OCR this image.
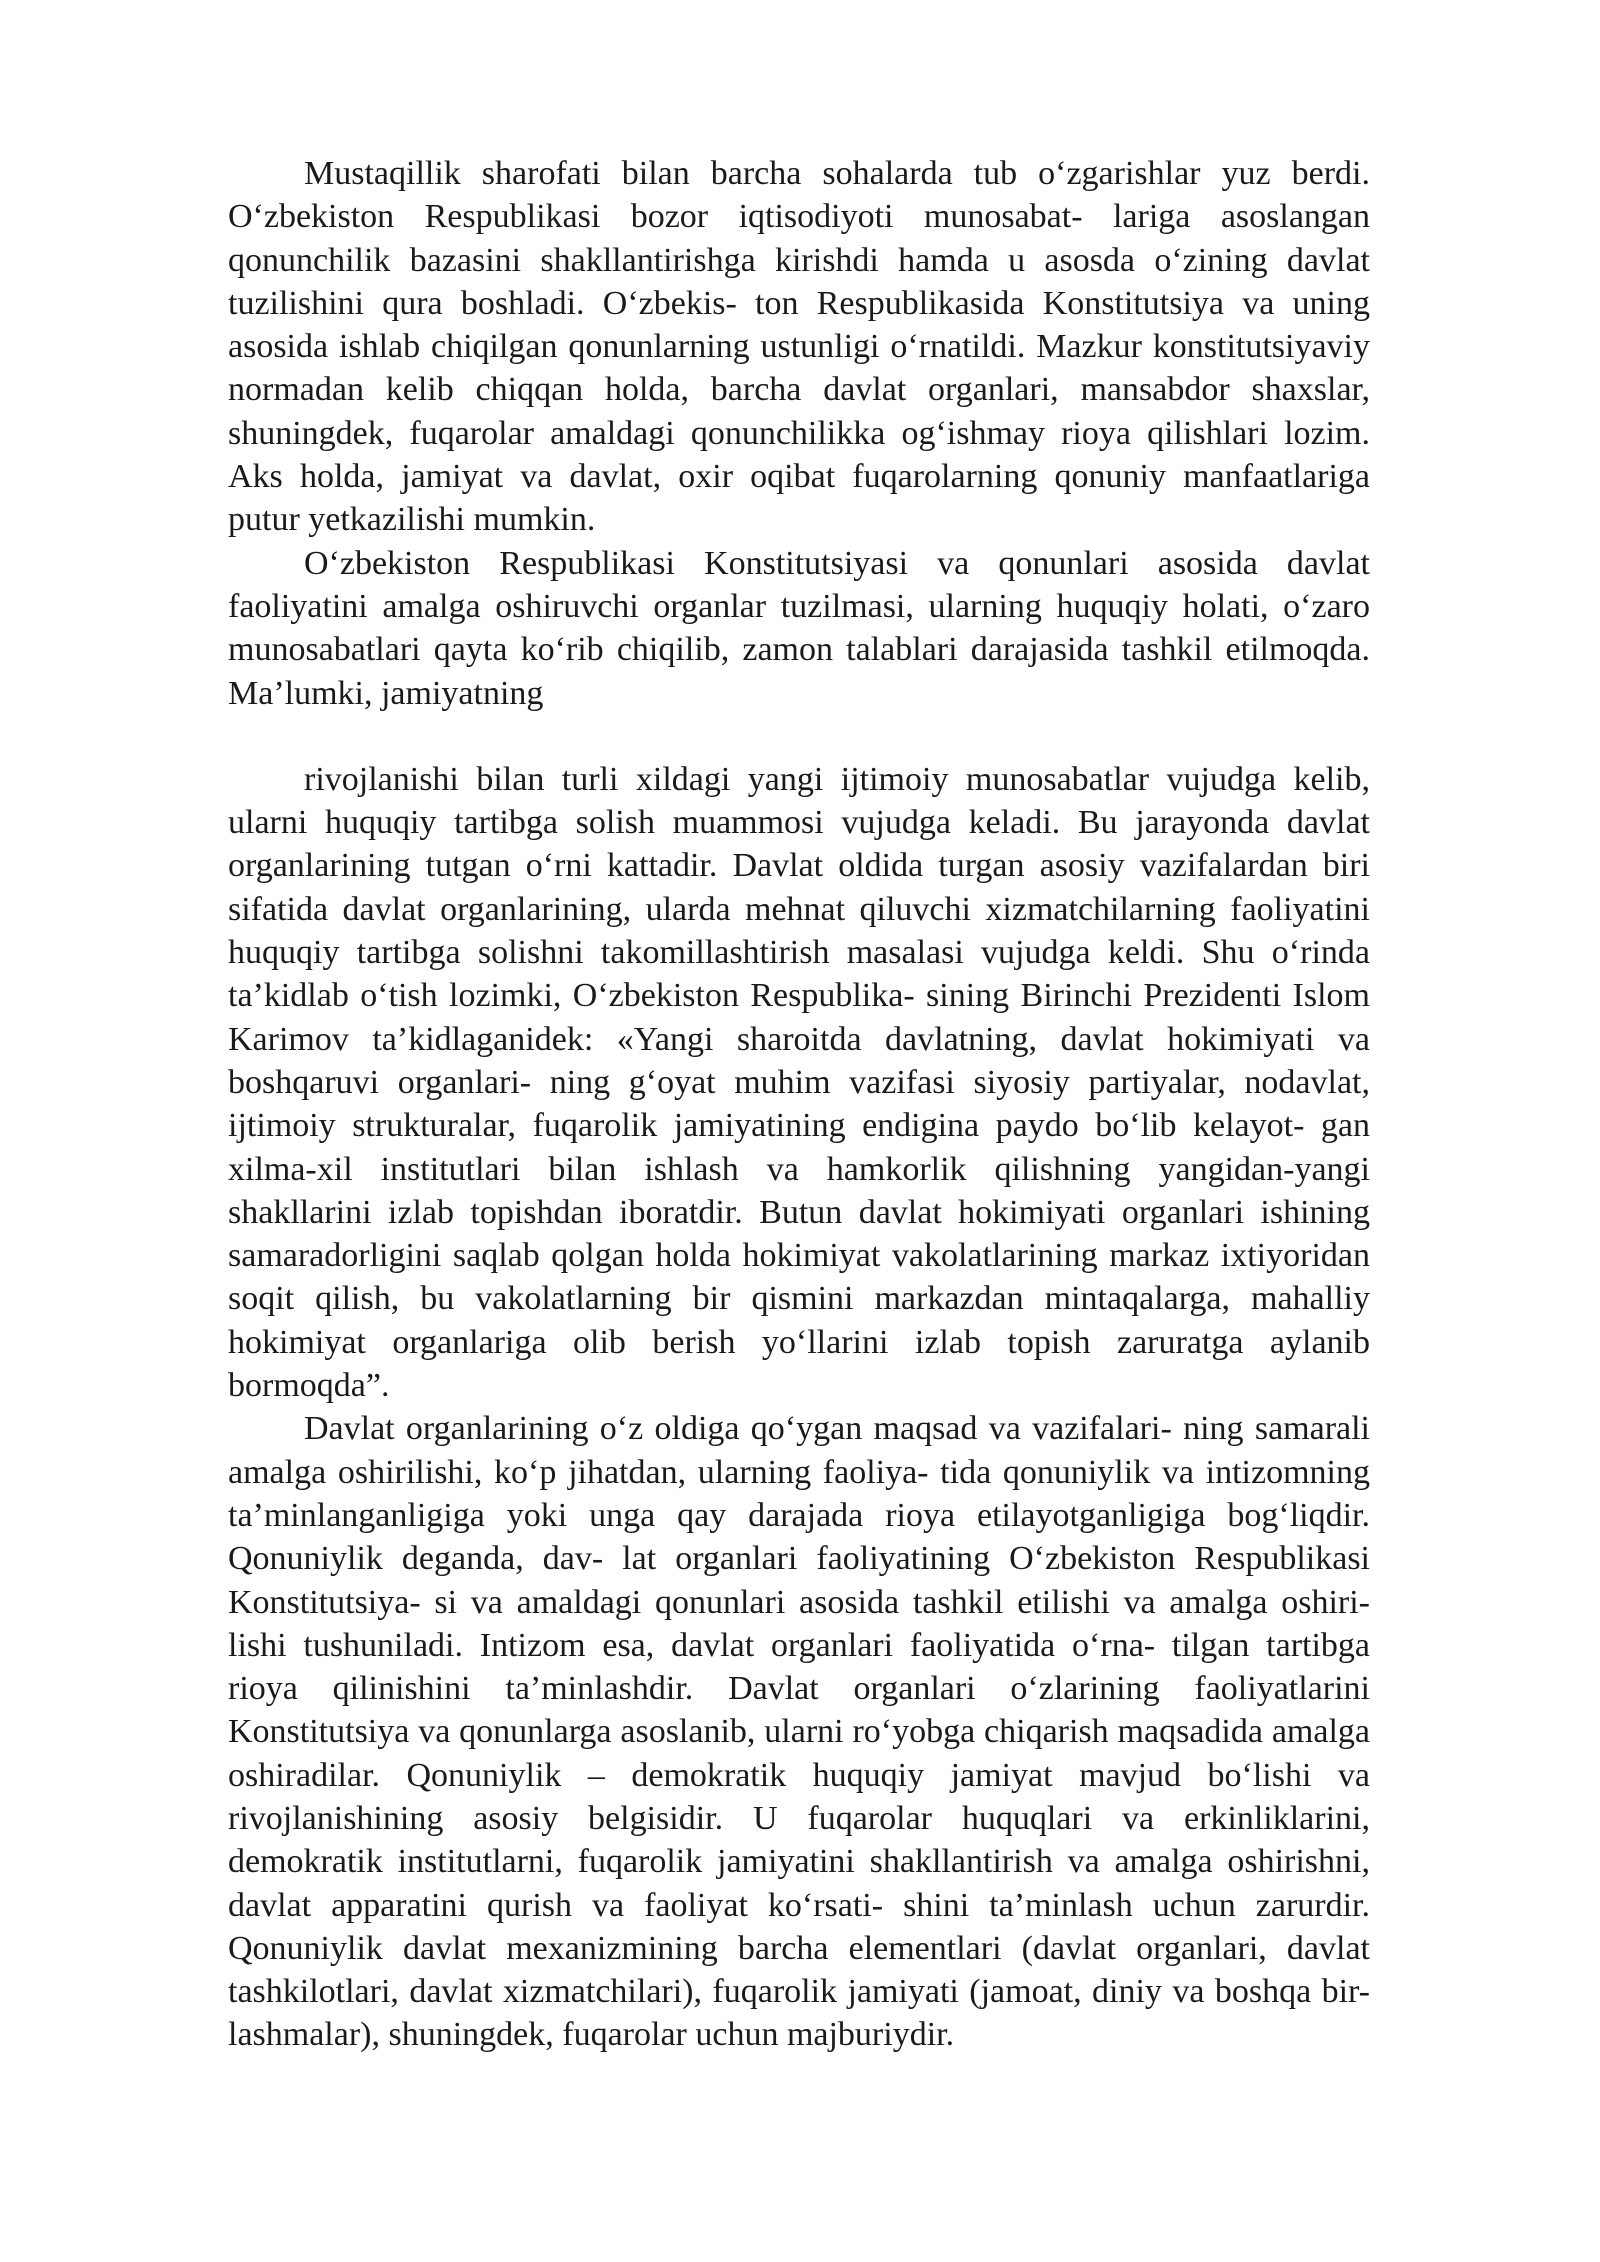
Mustaqillik sharofati bilan barcha sohalarda tub o‘zgarishlar yuz berdi. O‘zbekiston Respublikasi bozor iqtisodiyoti munosabat- lariga asoslangan qonunchilik bazasini shakllantirishga kirishdi hamda u asosda o‘zining davlat tuzilishini qura boshladi. O‘zbekis- ton Respublikasida Konstitutsiya va uning asosida ishlab chiqilgan qonunlarning ustunligi o‘rnatildi. Mazkur konstitutsiyaviy normadan kelib chiqqan holda, barcha davlat organlari, mansabdor shaxslar, shuningdek, fuqarolar amaldagi qonunchilikka og‘ishmay rioya qilishlari lozim. Aks holda, jamiyat va davlat, oxir oqibat fuqarolarning qonuniy manfaatlariga putur yetkazilishi mumkin.

O‘zbekiston Respublikasi Konstitutsiyasi va qonunlari asosida davlat faoliyatini amalga oshiruvchi organlar tuzilmasi, ularning huquqiy holati, o‘zaro munosabatlari qayta ko‘rib chiqilib, zamon talablari darajasida tashkil etilmoqda. Ma’lumki, jamiyatning

rivojlanishi bilan turli xildagi yangi ijtimoiy munosabatlar vujudga kelib, ularni huquqiy tartibga solish muammosi vujudga keladi. Bu jarayonda davlat organlarining tutgan o‘rni kattadir. Davlat oldida turgan asosiy vazifalardan biri sifatida davlat organlarining, ularda mehnat qiluvchi xizmatchilarning faoliyatini huquqiy tartibga solishni takomillashtirish masalasi vujudga keldi. Shu o‘rinda ta’kidlab o‘tish lozimki, O‘zbekiston Respublika- sining Birinchi Prezidenti Islom Karimov ta’kidlaganidek: «Yangi sharoitda davlatning, davlat hokimiyati va boshqaruvi organlari- ning g‘oyat muhim vazifasi siyosiy partiyalar, nodavlat, ijtimoiy strukturalar, fuqarolik jamiyatining endigina paydo bo‘lib kelayot- gan xilma-xil institutlari bilan ishlash va hamkorlik qilishning yangidan-yangi shakllarini izlab topishdan iboratdir. Butun davlat hokimiyati organlari ishining samaradorligini saqlab qolgan holda hokimiyat vakolatlarining markaz ixtiyoridan soqit qilish, bu vakolatlarning bir qismini markazdan mintaqalarga, mahalliy hokimiyat organlariga olib berish yo‘llarini izlab topish zaruratga aylanib bormoqda”.

Davlat organlarining o‘z oldiga qo‘ygan maqsad va vazifalari- ning samarali amalga oshirilishi, ko‘p jihatdan, ularning faoliya- tida qonuniylik va intizomning ta’minlanganligiga yoki unga qay darajada rioya etilayotganligiga bog‘liqdir. Qonuniylik deganda, dav- lat organlari faoliyatining O‘zbekiston Respublikasi Konstitutsiya- si va amaldagi qonunlari asosida tashkil etilishi va amalga oshiri- lishi tushuniladi. Intizom esa, davlat organlari faoliyatida o‘rna- tilgan tartibga rioya qilinishini ta’minlashdir. Davlat organlari o‘zlarining faoliyatlarini Konstitutsiya va qonunlarga asoslanib, ularni ro‘yobga chiqarish maqsadida amalga oshiradilar. Qonuniylik – demokratik huquqiy jamiyat mavjud bo‘lishi va rivojlanishining asosiy belgisidir. U fuqarolar huquqlari va erkinliklarini, demokratik institutlarni, fuqarolik jamiyatini shakllantirish va amalga oshirishni, davlat apparatini qurish va faoliyat ko‘rsati- shini ta’minlash uchun zarurdir. Qonuniylik davlat mexanizmining barcha elementlari (davlat organlari, davlat tashkilotlari, davlat xizmatchilari), fuqarolik jamiyati (jamoat, diniy va boshqa bir- lashmalar), shuningdek, fuqarolar uchun majburiydir.
